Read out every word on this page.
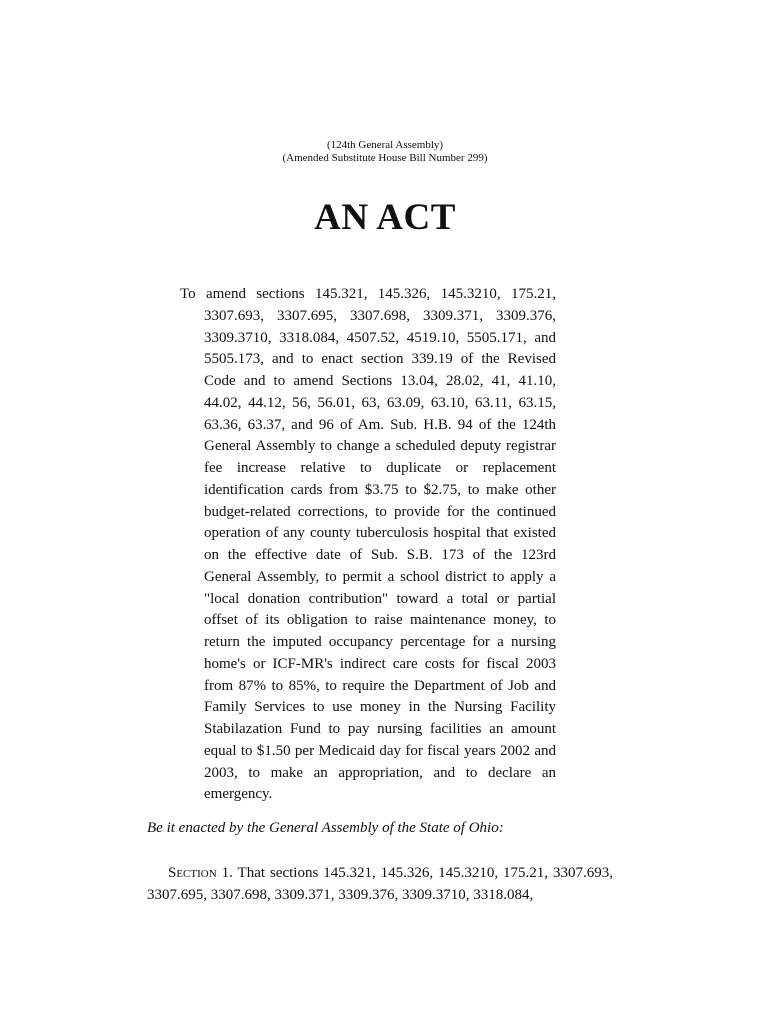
(124th General Assembly)
(Amended Substitute House Bill Number 299)
AN ACT
To amend sections 145.321, 145.326, 145.3210, 175.21, 3307.693, 3307.695, 3307.698, 3309.371, 3309.376, 3309.3710, 3318.084, 4507.52, 4519.10, 5505.171, and 5505.173, and to enact section 339.19 of the Revised Code and to amend Sections 13.04, 28.02, 41, 41.10, 44.02, 44.12, 56, 56.01, 63, 63.09, 63.10, 63.11, 63.15, 63.36, 63.37, and 96 of Am. Sub. H.B. 94 of the 124th General Assembly to change a scheduled deputy registrar fee increase relative to duplicate or replacement identification cards from $3.75 to $2.75, to make other budget-related corrections, to provide for the continued operation of any county tuberculosis hospital that existed on the effective date of Sub. S.B. 173 of the 123rd General Assembly, to permit a school district to apply a "local donation contribution" toward a total or partial offset of its obligation to raise maintenance money, to return the imputed occupancy percentage for a nursing home's or ICF-MR's indirect care costs for fiscal 2003 from 87% to 85%, to require the Department of Job and Family Services to use money in the Nursing Facility Stabilazation Fund to pay nursing facilities an amount equal to $1.50 per Medicaid day for fiscal years 2002 and 2003, to make an appropriation, and to declare an emergency.
Be it enacted by the General Assembly of the State of Ohio:
Section 1. That sections 145.321, 145.326, 145.3210, 175.21, 3307.693, 3307.695, 3307.698, 3309.371, 3309.376, 3309.3710, 3318.084,
